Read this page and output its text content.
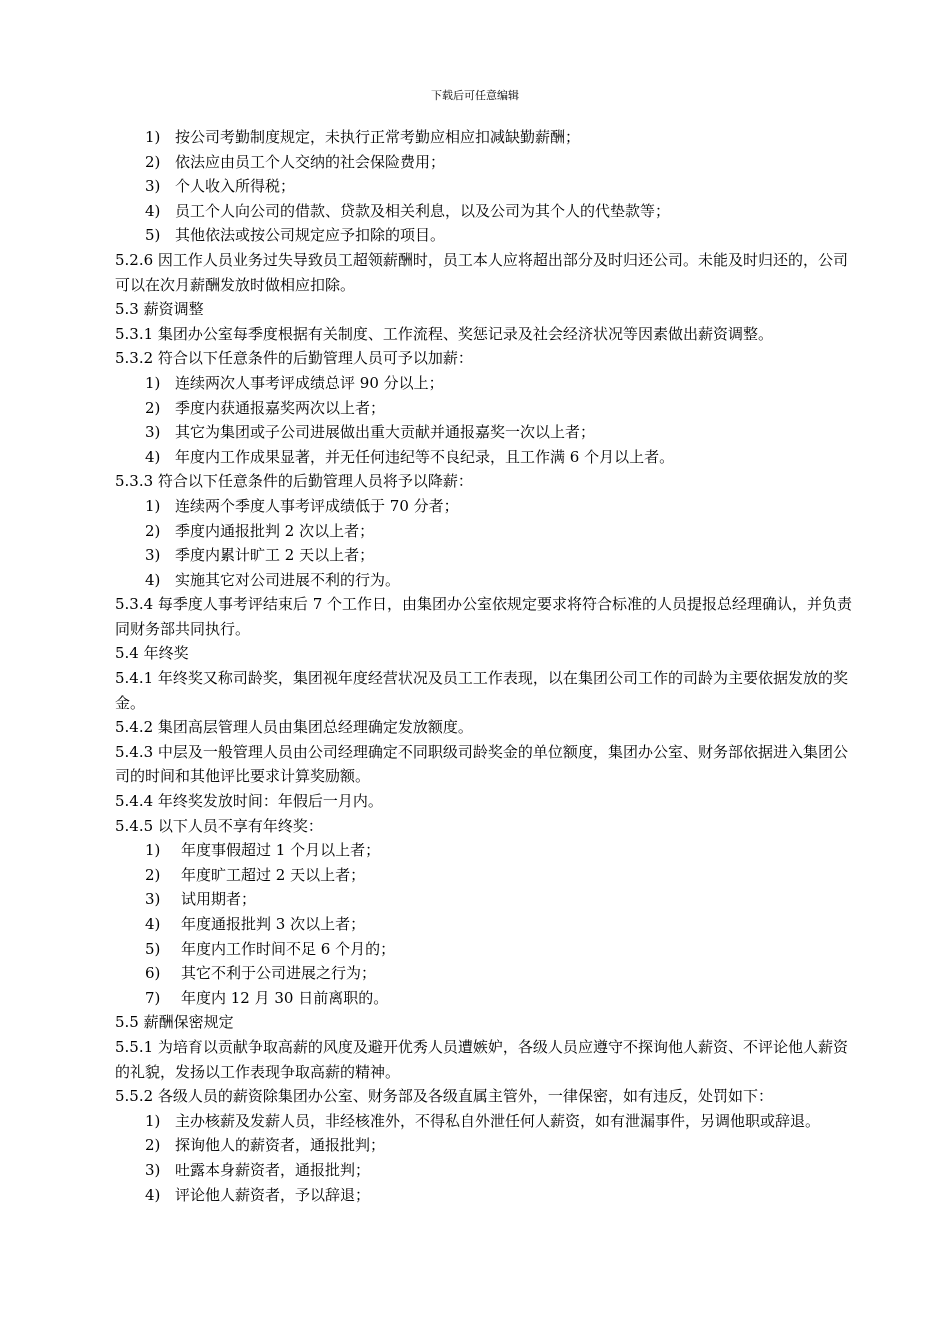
下载后可任意编辑
1) 按公司考勤制度规定，未执行正常考勤应相应扣减缺勤薪酬；
2) 依法应由员工个人交纳的社会保险费用；
3) 个人收入所得税；
4) 员工个人向公司的借款、贷款及相关利息，以及公司为其个人的代垫款等；
5) 其他依法或按公司规定应予扣除的项目。

5.2.6 因工作人员业务过失导致员工超领薪酬时，员工本人应将超出部分及时归还公司。未能及时归还的，公司可以在次月薪酬发放时做相应扣除。

5.3 薪资调整

5.3.1 集团办公室每季度根据有关制度、工作流程、奖惩记录及社会经济状况等因素做出薪资调整。

5.3.2 符合以下任意条件的后勤管理人员可予以加薪：

1) 连续两次人事考评成绩总评 90 分以上；
2) 季度内获通报嘉奖两次以上者；
3) 其它为集团或子公司进展做出重大贡献并通报嘉奖一次以上者；
4) 年度内工作成果显著，并无任何违纪等不良纪录，且工作满 6 个月以上者。

5.3.3 符合以下任意条件的后勤管理人员将予以降薪：

1) 连续两个季度人事考评成绩低于 70 分者；
2) 季度内通报批判 2 次以上者；
3) 季度内累计旷工 2 天以上者；
4) 实施其它对公司进展不利的行为。

5.3.4 每季度人事考评结束后 7 个工作日，由集团办公室依规定要求将符合标准的人员提报总经理确认，并负责同财务部共同执行。

5.4 年终奖

5.4.1 年终奖又称司龄奖，集团视年度经营状况及员工工作表现，以在集团公司工作的司龄为主要依据发放的奖金。

5.4.2 集团高层管理人员由集团总经理确定发放额度。

5.4.3 中层及一般管理人员由公司经理确定不同职级司龄奖金的单位额度，集团办公室、财务部依据进入集团公司的时间和其他评比要求计算奖励额。

5.4.4 年终奖发放时间：年假后一月内。

5.4.5 以下人员不享有年终奖：

1)	年度事假超过 1 个月以上者；
2)	年度旷工超过 2 天以上者；
3)	试用期者；
4)	年度通报批判 3 次以上者；
5)	年度内工作时间不足 6 个月的；
6)	其它不利于公司进展之行为；
7)	年度内 12 月 30 日前离职的。

5.5 薪酬保密规定

5.5.1 为培育以贡献争取高薪的风度及避开优秀人员遭嫉妒，各级人员应遵守不探询他人薪资、不评论他人薪资的礼貌，发扬以工作表现争取高薪的精神。

5.5.2 各级人员的薪资除集团办公室、财务部及各级直属主管外，一律保密，如有违反，处罚如下：

1) 主办核薪及发薪人员，非经核准外，不得私自外泄任何人薪资，如有泄漏事件，另调他职或辞退。
2) 探询他人的薪资者，通报批判；
3) 吐露本身薪资者，通报批判；
4) 评论他人薪资者，予以辞退；
